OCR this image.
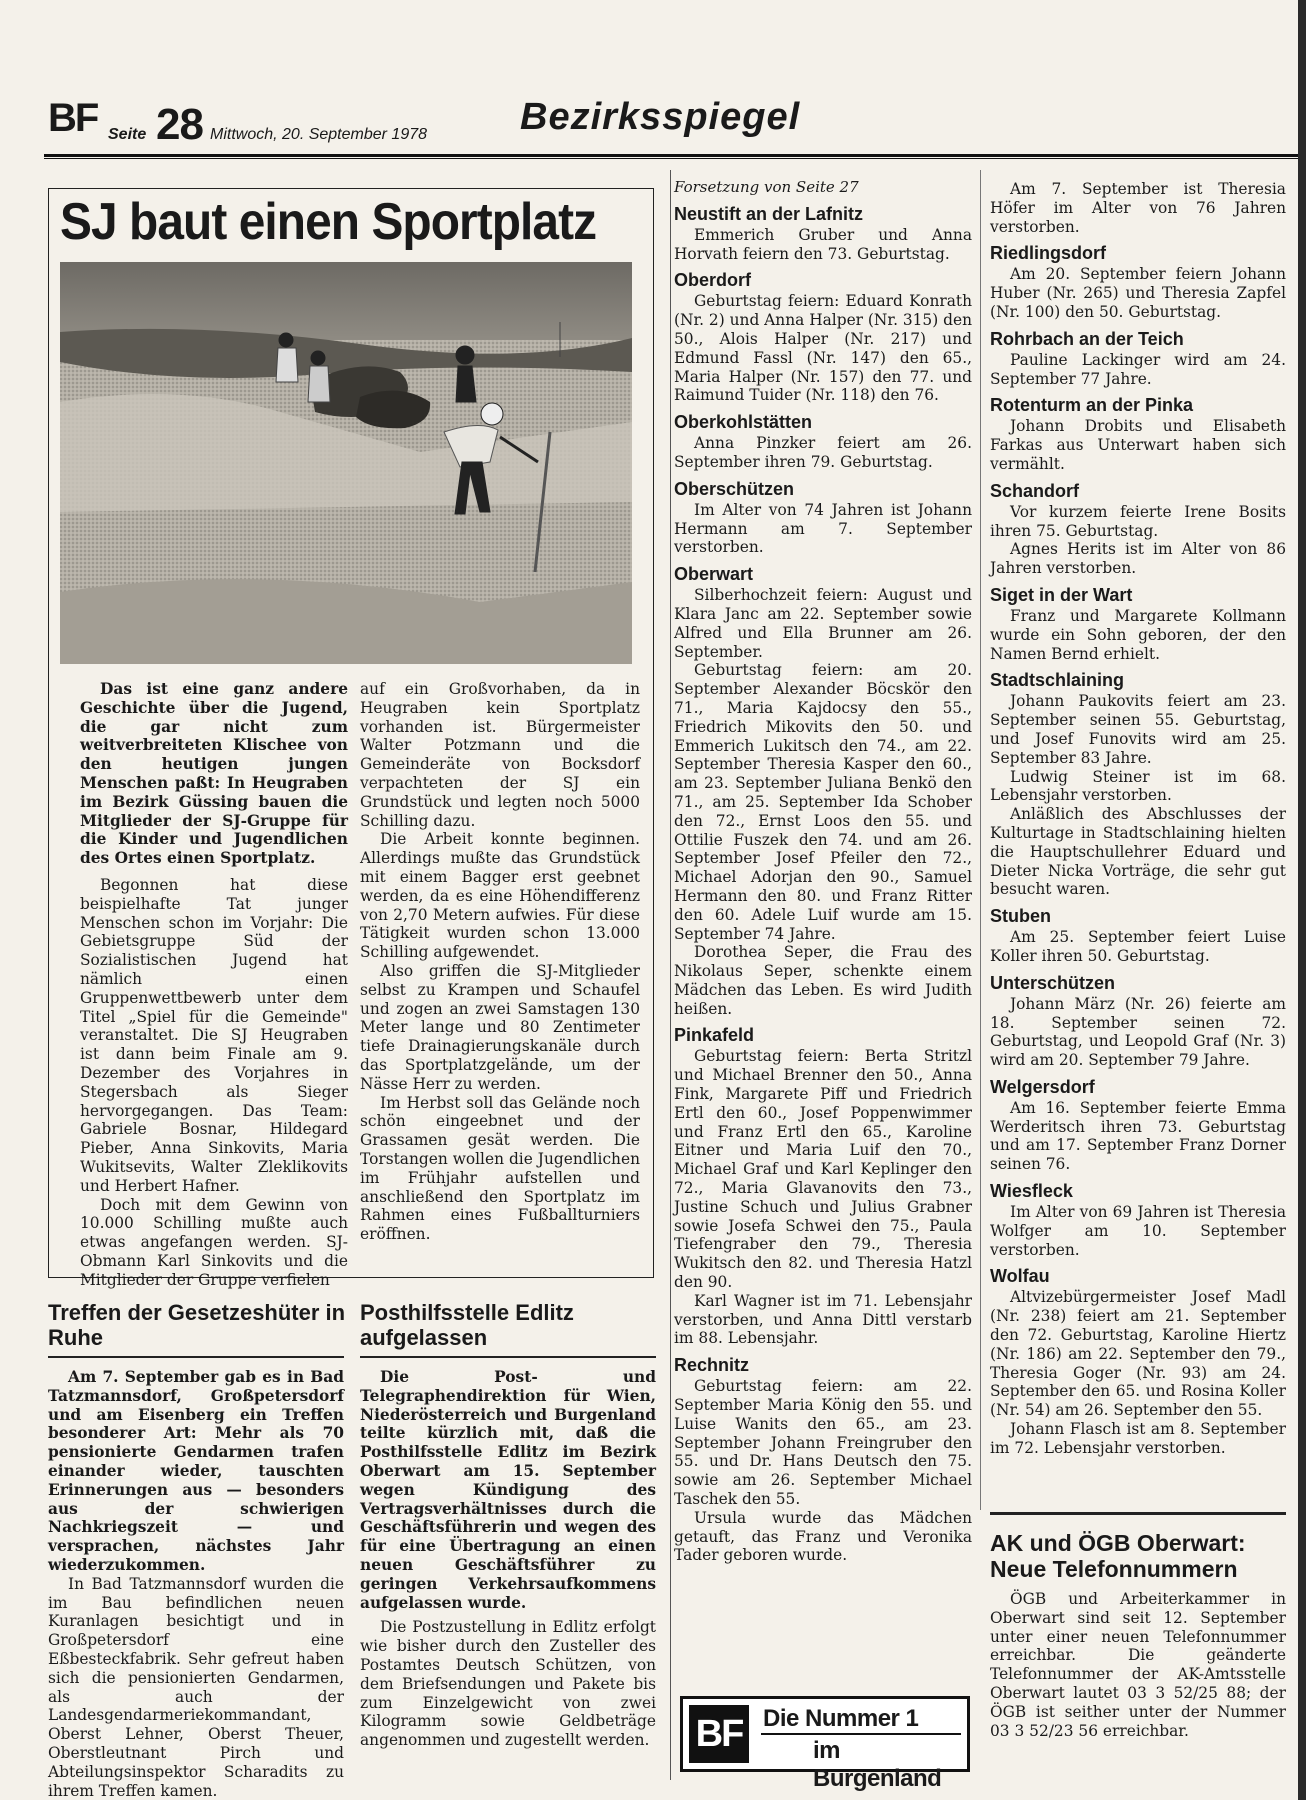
BF Seite 28 Mittwoch, 20. September 1978 Bezirksspiegel
SJ baut einen Sportplatz

Das ist eine ganz andere Geschichte über die Jugend, die gar nicht zum weitverbreiteten Klischee von den heutigen jungen Menschen paßt: In Heugraben im Bezirk Güssing bauen die Mitglieder der SJ-Gruppe für die Kinder und Jugendlichen des Ortes einen Sportplatz.

Begonnen hat diese beispielhafte Tat junger Menschen schon im Vorjahr: Die Gebietsgruppe Süd der Sozialistischen Jugend hat nämlich einen Gruppenwettbewerb unter dem Titel „Spiel für die Gemeinde" veranstaltet. Die SJ Heugraben ist dann beim Finale am 9. Dezember des Vorjahres in Stegersbach als Sieger hervorgegangen. Das Team: Gabriele Bosnar, Hildegard Pieber, Anna Sinkovits, Maria Wukitsevits, Walter Zleklikovits und Herbert Hafner.

Doch mit dem Gewinn von 10.000 Schilling mußte auch etwas angefangen werden. SJ-Obmann Karl Sinkovits und die Mitglieder der Gruppe verfielen

auf ein Großvorhaben, da in Heugraben kein Sportplatz vorhanden ist. Bürgermeister Walter Potzmann und die Gemeinderäte von Bocksdorf verpachteten der SJ ein Grundstück und legten noch 5000 Schilling dazu.

Die Arbeit konnte beginnen. Allerdings mußte das Grundstück mit einem Bagger erst geebnet werden, da es eine Höhendifferenz von 2,70 Metern aufwies. Für diese Tätigkeit wurden schon 13.000 Schilling aufgewendet.

Also griffen die SJ-Mitglieder selbst zu Krampen und Schaufel und zogen an zwei Samstagen 130 Meter lange und 80 Zentimeter tiefe Drainagierungskanäle durch das Sportplatzgelände, um der Nässe Herr zu werden.

Im Herbst soll das Gelände noch schön eingeebnet und der Grassamen gesät werden. Die Torstangen wollen die Jugendlichen im Frühjahr aufstellen und anschließend den Sportplatz im Rahmen eines Fußballturniers eröffnen.

Treffen der Gesetzeshüter in Ruhe

Am 7. September gab es in Bad Tatzmannsdorf, Großpetersdorf und am Eisenberg ein Treffen besonderer Art: Mehr als 70 pensionierte Gendarmen trafen einander wieder, tauschten Erinnerungen aus — besonders aus der schwierigen Nachkriegszeit — und versprachen, nächstes Jahr wiederzukommen.

In Bad Tatzmannsdorf wurden die im Bau befindlichen neuen Kuranlagen besichtigt und in Großpetersdorf eine Eßbesteckfabrik. Sehr gefreut haben sich die pensionierten Gendarmen, als auch der Landesgendarmeriekommandant, Oberst Lehner, Oberst Theuer, Oberstleutnant Pirch und Abteilungsinspektor Scharadits zu ihrem Treffen kamen.

Posthilfsstelle Edlitz aufgelassen

Die Post- und Telegraphendirektion für Wien, Niederösterreich und Burgenland teilte kürzlich mit, daß die Posthilfsstelle Edlitz im Bezirk Oberwart am 15. September wegen Kündigung des Vertragsverhältnisses durch die Geschäftsführerin und wegen des für eine Übertragung an einen neuen Geschäftsführer zu geringen Verkehrsaufkommens aufgelassen wurde.

Die Postzustellung in Edlitz erfolgt wie bisher durch den Zusteller des Postamtes Deutsch Schützen, von dem Briefsendungen und Pakete bis zum Einzelgewicht von zwei Kilogramm sowie Geldbeträge angenommen und zugestellt werden.

Forsetzung von Seite 27
Neustift an der Lafnitz

Emmerich Gruber und Anna Horvath feiern den 73. Geburtstag.

Oberdorf

Geburtstag feiern: Eduard Konrath (Nr. 2) und Anna Halper (Nr. 315) den 50., Alois Halper (Nr. 217) und Edmund Fassl (Nr. 147) den 65., Maria Halper (Nr. 157) den 77. und Raimund Tuider (Nr. 118) den 76.

Oberkohlstätten

Anna Pinzker feiert am 26. September ihren 79. Geburtstag.

Oberschützen

Im Alter von 74 Jahren ist Johann Hermann am 7. September verstorben.

Oberwart

Silberhochzeit feiern: August und Klara Janc am 22. September sowie Alfred und Ella Brunner am 26. September.

Geburtstag feiern: am 20. September Alexander Böcskör den 71., Maria Kajdocsy den 55., Friedrich Mikovits den 50. und Emmerich Lukitsch den 74., am 22. September Theresia Kasper den 60., am 23. September Juliana Benkö den 71., am 25. September Ida Schober den 72., Ernst Loos den 55. und Ottilie Fuszek den 74. und am 26. September Josef Pfeiler den 72., Michael Adorjan den 90., Samuel Hermann den 80. und Franz Ritter den 60. Adele Luif wurde am 15. September 74 Jahre.

Dorothea Seper, die Frau des Nikolaus Seper, schenkte einem Mädchen das Leben. Es wird Judith heißen.

Pinkafeld

Geburtstag feiern: Berta Stritzl und Michael Brenner den 50., Anna Fink, Margarete Piff und Friedrich Ertl den 60., Josef Poppenwimmer und Franz Ertl den 65., Karoline Eitner und Maria Luif den 70., Michael Graf und Karl Keplinger den 72., Maria Glavanovits den 73., Justine Schuch und Julius Grabner sowie Josefa Schwei den 75., Paula Tiefengraber den 79., Theresia Wukitsch den 82. und Theresia Hatzl den 90.

Karl Wagner ist im 71. Lebensjahr verstorben, und Anna Dittl verstarb im 88. Lebensjahr.

Rechnitz

Geburtstag feiern: am 22. September Maria König den 55. und Luise Wanits den 65., am 23. September Johann Freingruber den 55. und Dr. Hans Deutsch den 75. sowie am 26. September Michael Taschek den 55.

Ursula wurde das Mädchen getauft, das Franz und Veronika Tader geboren wurde.

Am 7. September ist Theresia Höfer im Alter von 76 Jahren verstorben.

Riedlingsdorf

Am 20. September feiern Johann Huber (Nr. 265) und Theresia Zapfel (Nr. 100) den 50. Geburtstag.

Rohrbach an der Teich

Pauline Lackinger wird am 24. September 77 Jahre.

Rotenturm an der Pinka

Johann Drobits und Elisabeth Farkas aus Unterwart haben sich vermählt.

Schandorf

Vor kurzem feierte Irene Bosits ihren 75. Geburtstag.

Agnes Herits ist im Alter von 86 Jahren verstorben.

Siget in der Wart

Franz und Margarete Kollmann wurde ein Sohn geboren, der den Namen Bernd erhielt.

Stadtschlaining

Johann Paukovits feiert am 23. September seinen 55. Geburtstag, und Josef Funovits wird am 25. September 83 Jahre.

Ludwig Steiner ist im 68. Lebensjahr verstorben.

Anläßlich des Abschlusses der Kulturtage in Stadtschlaining hielten die Hauptschullehrer Eduard und Dieter Nicka Vorträge, die sehr gut besucht waren.

Stuben

Am 25. September feiert Luise Koller ihren 50. Geburtstag.

Unterschützen

Johann März (Nr. 26) feierte am 18. September seinen 72. Geburtstag, und Leopold Graf (Nr. 3) wird am 20. September 79 Jahre.

Welgersdorf

Am 16. September feierte Emma Werderitsch ihren 73. Geburtstag und am 17. September Franz Dorner seinen 76.

Wiesfleck

Im Alter von 69 Jahren ist Theresia Wolfger am 10. September verstorben.

Wolfau

Altvizebürgermeister Josef Madl (Nr. 238) feiert am 21. September den 72. Geburtstag, Karoline Hiertz (Nr. 186) am 22. September den 79., Theresia Goger (Nr. 93) am 24. September den 65. und Rosina Koller (Nr. 54) am 26. September den 55.

Johann Flasch ist am 8. September im 72. Lebensjahr verstorben.

AK und ÖGB Oberwart: Neue Telefonnummern

ÖGB und Arbeiterkammer in Oberwart sind seit 12. September unter einer neuen Telefonnummer erreichbar. Die geänderte Telefonnummer der AK-Amtsstelle Oberwart lautet 03 3 52/25 88; der ÖGB ist seither unter der Nummer 03 3 52/23 56 erreichbar.

BF Die Nummer 1
im Burgenland
